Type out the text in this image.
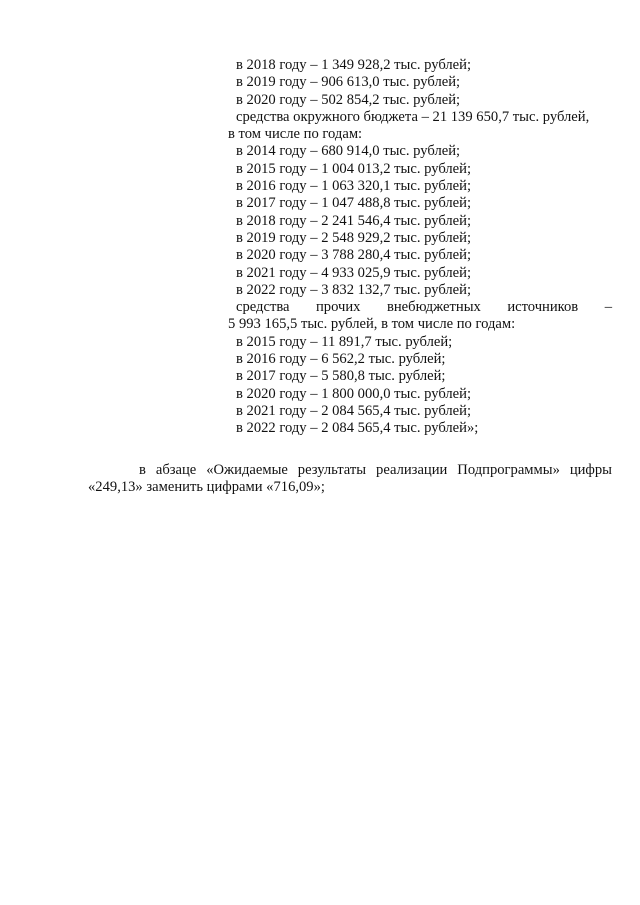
в 2018 году – 1 349 928,2 тыс. рублей;
в 2019 году – 906 613,0 тыс. рублей;
в 2020 году – 502 854,2 тыс. рублей;
средства окружного бюджета – 21 139 650,7 тыс. рублей,
в том числе по годам:
в 2014 году – 680 914,0 тыс. рублей;
в 2015 году – 1 004 013,2 тыс. рублей;
в 2016 году – 1 063 320,1 тыс. рублей;
в 2017 году – 1 047 488,8 тыс. рублей;
в 2018 году – 2 241 546,4 тыс. рублей;
в 2019 году – 2 548 929,2 тыс. рублей;
в 2020 году – 3 788 280,4 тыс. рублей;
в 2021 году – 4 933 025,9 тыс. рублей;
в 2022 году – 3 832 132,7 тыс. рублей;
средства прочих внебюджетных источников –
5 993 165,5 тыс. рублей, в том числе по годам:
в 2015 году – 11 891,7 тыс. рублей;
в 2016 году – 6 562,2 тыс. рублей;
в 2017 году – 5 580,8 тыс. рублей;
в 2020 году – 1 800 000,0 тыс. рублей;
в 2021 году – 2 084 565,4 тыс. рублей;
в 2022 году – 2 084 565,4 тыс. рублей»;
в абзаце «Ожидаемые результаты реализации Подпрограммы» цифры
«249,13» заменить цифрами «716,09»;
